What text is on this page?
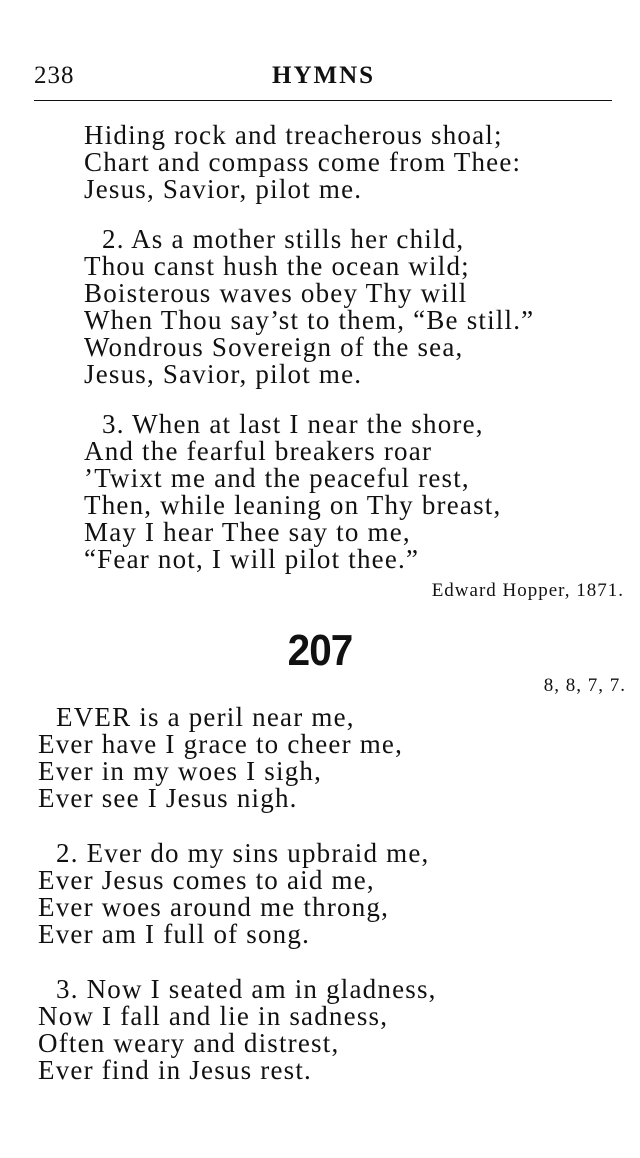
238	HYMNS
Hiding rock and treacherous shoal;
Chart and compass come from Thee:
Jesus, Savior, pilot me.
2. As a mother stills her child,
Thou canst hush the ocean wild;
Boisterous waves obey Thy will
When Thou say’st to them, “Be still.”
Wondrous Sovereign of the sea,
Jesus, Savior, pilot me.
3. When at last I near the shore,
And the fearful breakers roar
’Twixt me and the peaceful rest,
Then, while leaning on Thy breast,
May I hear Thee say to me,
“Fear not, I will pilot thee.”
Edward Hopper, 1871.
207
8, 8, 7, 7.
EVER is a peril near me,
Ever have I grace to cheer me,
Ever in my woes I sigh,
Ever see I Jesus nigh.
2. Ever do my sins upbraid me,
Ever Jesus comes to aid me,
Ever woes around me throng,
Ever am I full of song.
3. Now I seated am in gladness,
Now I fall and lie in sadness,
Often weary and distrest,
Ever find in Jesus rest.
